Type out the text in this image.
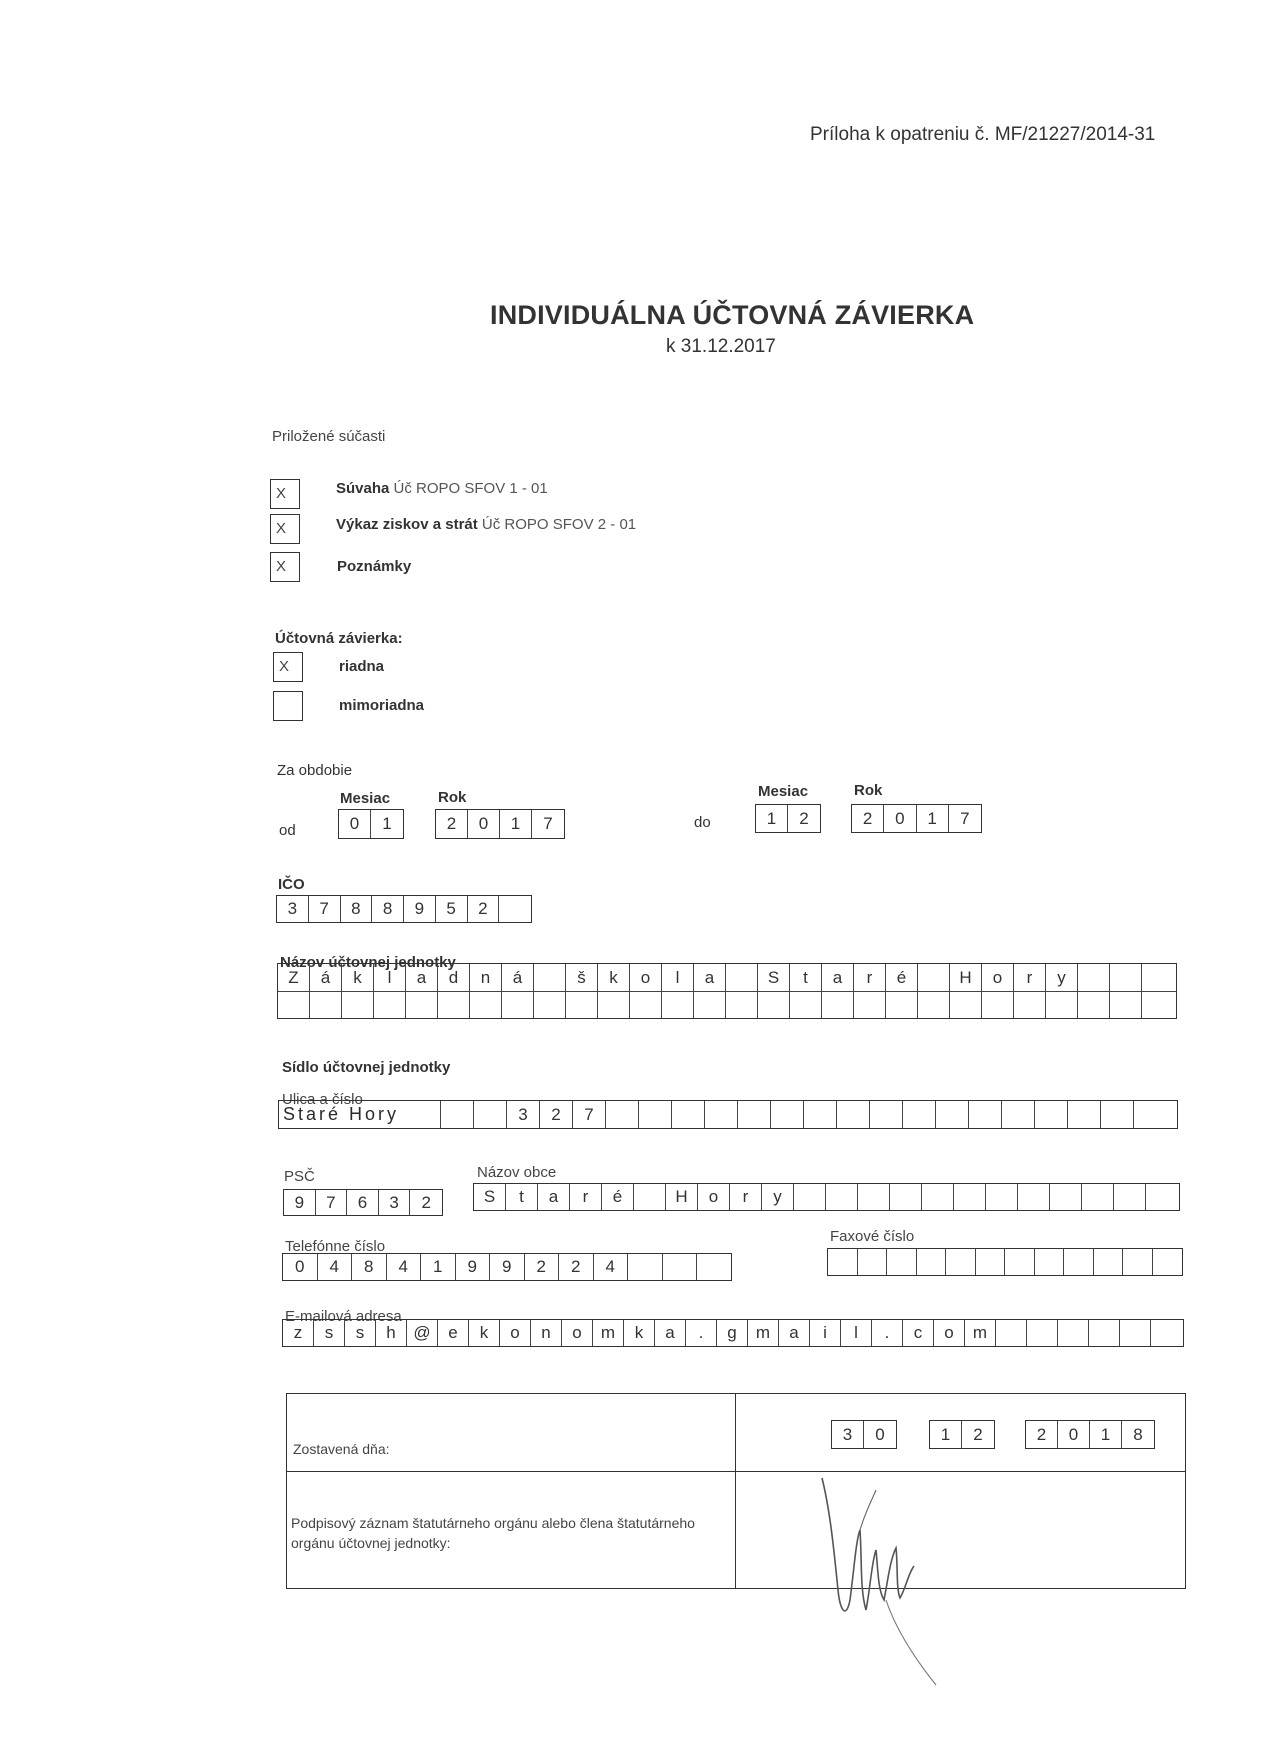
Príloha k opatreniu č. MF/21227/2014-31
INDIVIDUÁLNA ÚČTOVNÁ ZÁVIERKA
k 31.12.2017
Priložené súčasti
X	Súvaha Úč ROPO SFOV 1 - 01
X	Výkaz ziskov a strát Úč ROPO SFOV 2 - 01
X	Poznámky
Účtovná závierka:
X	riadna
mimoriadna
Za obdobie
Mesiac	Rok
od	0	1	2	0	1	7
Mesiac	Rok
do	1	2	2	0	1	7
IČO
3	7	8	8	9	5	2
Názov účtovnej jednotky
Z	á	k	l	a	d	n	á	š	k	o	l	a	S	t	a	r	é	H	o	r	y
Sídlo účtovnej jednotky
Ulica a číslo
Staré Hory	3	2	7
PSČ
9	7	6	3	2
Názov obce
S	t	a	r	é	H	o	r	y
Telefónne číslo
0	4	8	4	1	9	9	2	2	4
Faxové číslo
E-mailová adresa
z	s	s	h	@	e	k	o	n	o	m	k	a	.	g	m	a	i	l	.	c	o	m
Zostavená dňa:
3	0	1	2	2	0	1	8
Podpisový záznam štatutárneho orgánu alebo člena štatutárneho orgánu účtovnej jednotky:
